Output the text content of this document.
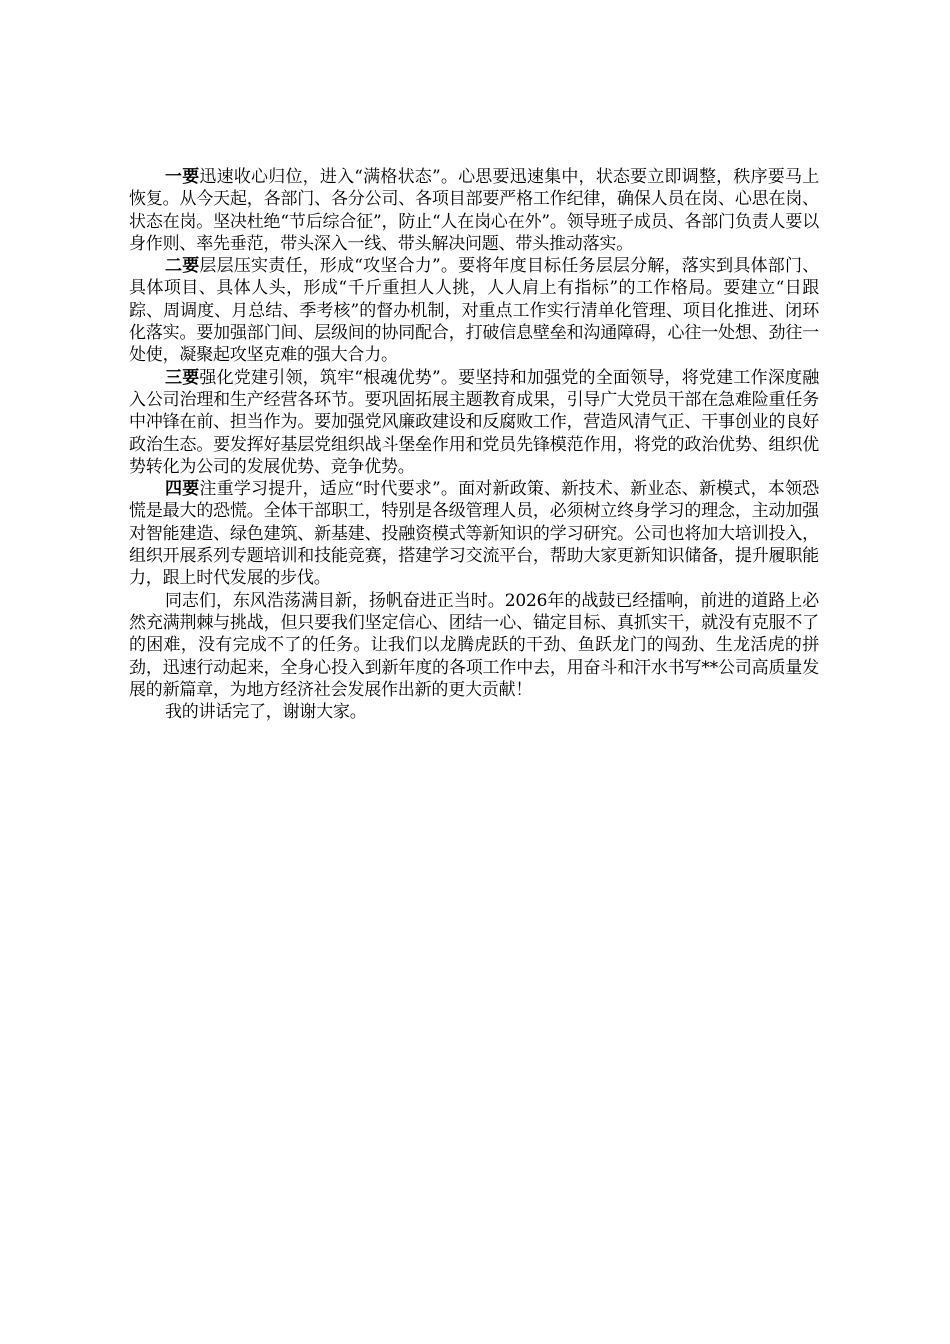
一要迅速收心归位，进入“满格状态”。心思要迅速集中，状态要立即调整，秩序要马上恢复。从今天起，各部门、各分公司、各项目部要严格工作纪律，确保人员在岗、心思在岗、状态在岗。坚决杜绝“节后综合征”，防止“人在岗心在外”。领导班子成员、各部门负责人要以身作则、率先垂范，带头深入一线、带头解决问题、带头推动落实。

二要层层压实责任，形成“攻坚合力”。要将年度目标任务层层分解，落实到具体部门、具体项目、具体人头，形成“千斤重担人人挑，人人肩上有指标”的工作格局。要建立“日跟踪、周调度、月总结、季考核”的督办机制，对重点工作实行清单化管理、项目化推进、闭环化落实。要加强部门间、层级间的协同配合，打破信息壁垒和沟通障碍，心往一处想、劲往一处使，凝聚起攻坚克难的强大合力。

三要强化党建引领，筑牢“根魂优势”。要坚持和加强党的全面领导，将党建工作深度融入公司治理和生产经营各环节。要巩固拓展主题教育成果，引导广大党员干部在急难险重任务中冲锋在前、担当作为。要加强党风廉政建设和反腐败工作，营造风清气正、干事创业的良好政治生态。要发挥好基层党组织战斗堡垒作用和党员先锋模范作用，将党的政治优势、组织优势转化为公司的发展优势、竞争优势。

四要注重学习提升，适应“时代要求”。面对新政策、新技术、新业态、新模式，本领恐慌是最大的恐慌。全体干部职工，特别是各级管理人员，必须树立终身学习的理念，主动加强对智能建造、绿色建筑、新基建、投融资模式等新知识的学习研究。公司也将加大培训投入，组织开展系列专题培训和技能竞赛，搭建学习交流平台，帮助大家更新知识储备，提升履职能力，跟上时代发展的步伐。

同志们，东风浩荡满目新，扬帆奋进正当时。2026年的战鼓已经擂响，前进的道路上必然充满荆棘与挑战，但只要我们坚定信心、团结一心、锚定目标、真抓实干，就没有克服不了的困难，没有完成不了的任务。让我们以龙腾虎跃的干劲、鱼跃龙门的闯劲、生龙活虎的拼劲，迅速行动起来，全身心投入到新年度的各项工作中去，用奋斗和汗水书写**公司高质量发展的新篇章，为地方经济社会发展作出新的更大贡献！

我的讲话完了，谢谢大家。
